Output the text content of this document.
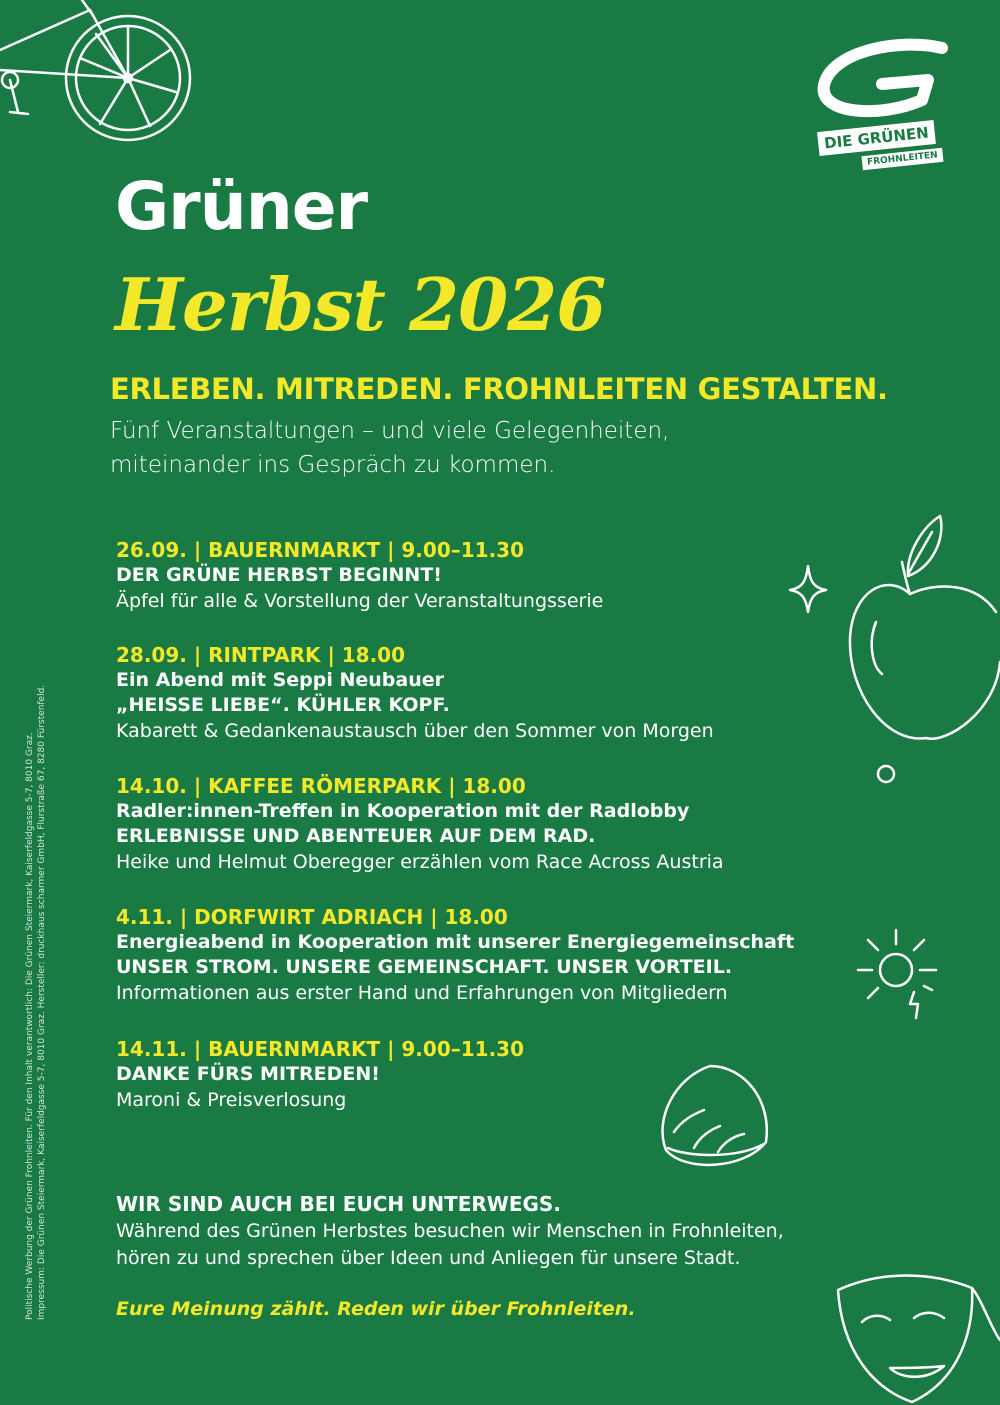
DIE GRÜNEN
FROHNLEITEN
Grüner
Herbst 2026
ERLEBEN. MITREDEN. FROHNLEITEN GESTALTEN.
Fünf Veranstaltungen – und viele Gelegenheiten,
miteinander ins Gespräch zu kommen.
26.09. | BAUERNMARKT | 9.00–11.30
DER GRÜNE HERBST BEGINNT!
Äpfel für alle & Vorstellung der Veranstaltungsserie
28.09. | RINTPARK | 18.00
Ein Abend mit Seppi Neubauer
„HEISSE LIEBE“. KÜHLER KOPF.
Kabarett & Gedankenaustausch über den Sommer von Morgen
14.10. | KAFFEE RÖMERPARK | 18.00
Radler:innen-Treffen in Kooperation mit der Radlobby
ERLEBNISSE UND ABENTEUER AUF DEM RAD.
Heike und Helmut Oberegger erzählen vom Race Across Austria
4.11. | DORFWIRT ADRIACH | 18.00
Energieabend in Kooperation mit unserer Energiegemeinschaft
UNSER STROM. UNSERE GEMEINSCHAFT. UNSER VORTEIL.
Informationen aus erster Hand und Erfahrungen von Mitgliedern
14.11. | BAUERNMARKT | 9.00–11.30
DANKE FÜRS MITREDEN!
Maroni & Preisverlosung
WIR SIND AUCH BEI EUCH UNTERWEGS.
Während des Grünen Herbstes besuchen wir Menschen in Frohnleiten,
hören zu und sprechen über Ideen und Anliegen für unsere Stadt.
Eure Meinung zählt. Reden wir über Frohnleiten.
Politische Werbung der Grünen Frohnleiten. Für den Inhalt verantwortlich: Die Grünen Steiermark, Kaiserfeldgasse 5-7, 8010 Graz. Impressum: Die Grünen Steiermark, Kaiserfeldgasse 5-7, 8010 Graz. Hersteller: druckhaus scharmer GmbH, Flurstraße 67, 8280 Fürstenfeld.
